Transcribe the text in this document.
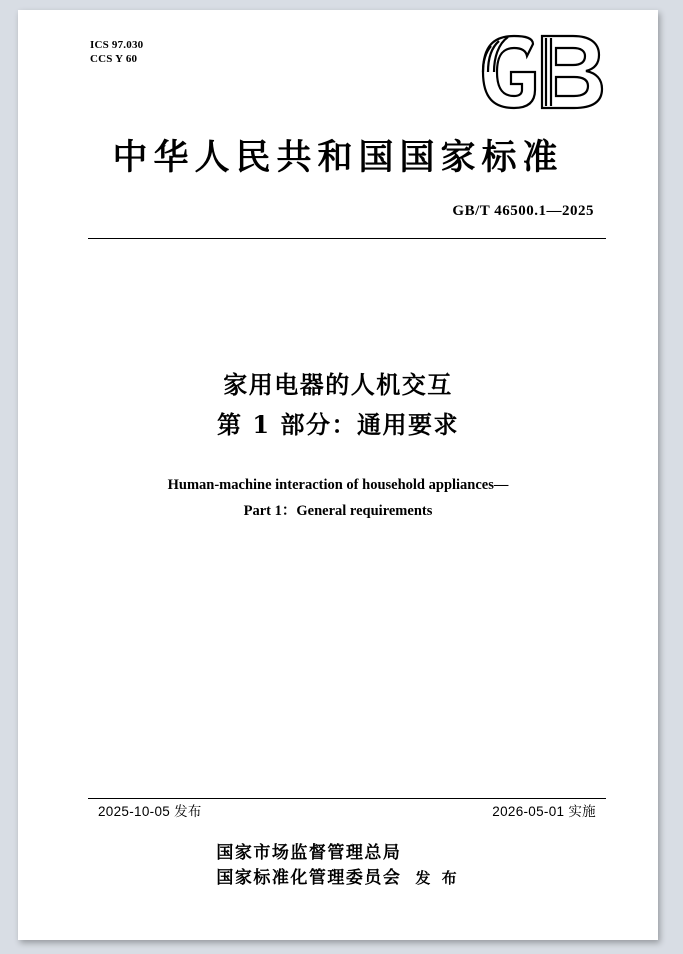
ICS 97.030
CCS Y 60
中华人民共和国国家标准
GB/T 46500.1—2025
家用电器的人机交互
第 1 部分：通用要求
Human-machine interaction of household appliances—
Part 1：General requirements
2025-10-05 发布	2026-05-01 实施
国家市场监督管理总局
国家标准化管理委员会 发 布
